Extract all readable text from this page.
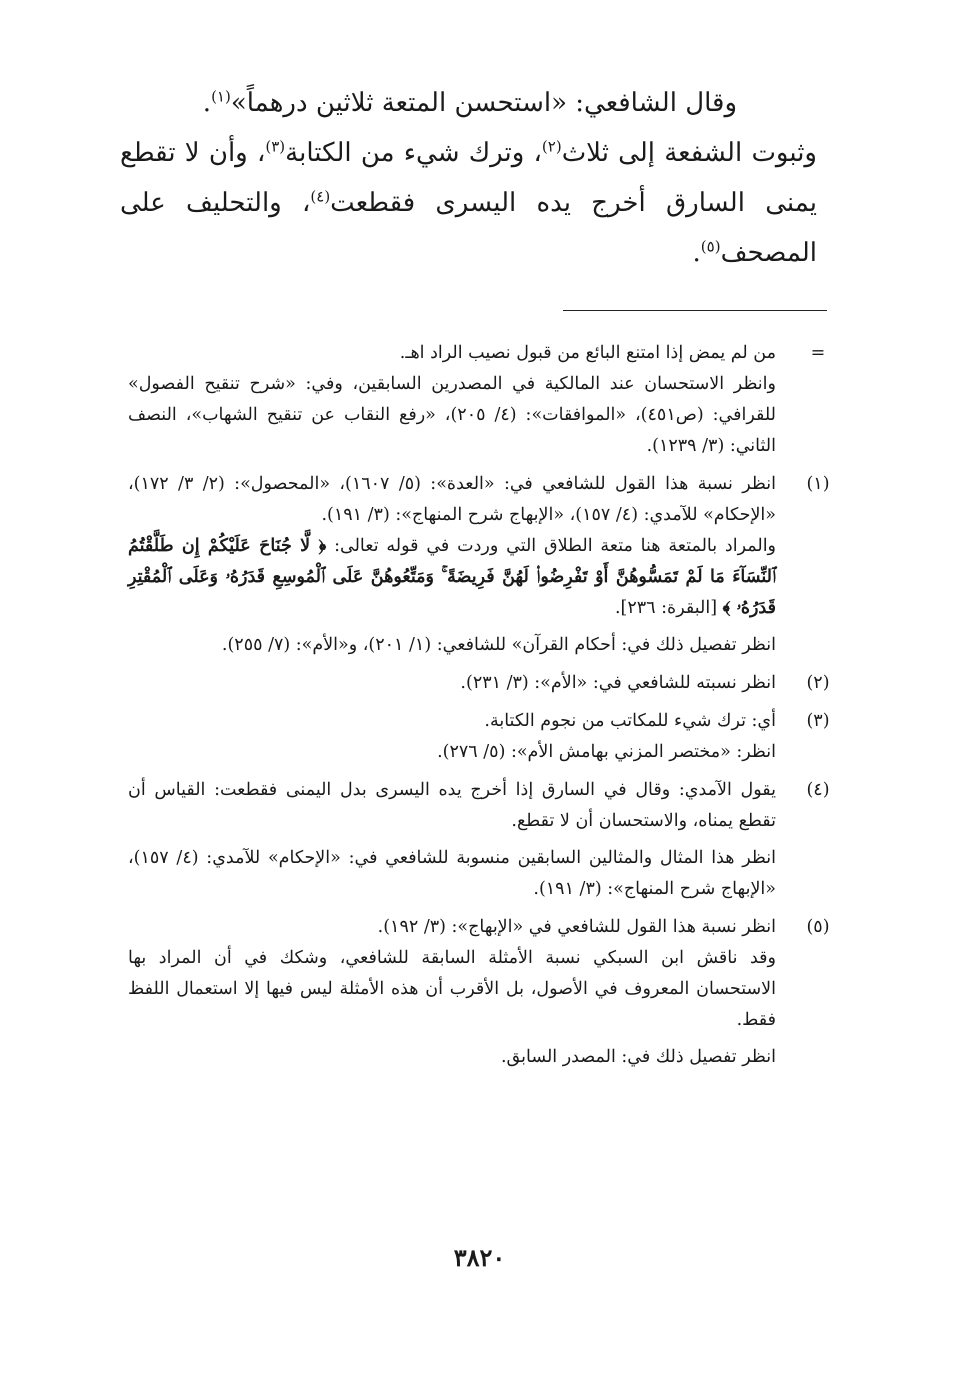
وقال الشافعي: «استحسن المتعة ثلاثين درهماً»$^{(١)}$.

وثبوت الشفعة إلى ثلاث$^{(٢)}$، وترك شيء من الكتابة$^{(٣)}$، وأن لا تقطع يمنى السارق أخرج يده اليسرى فقطعت$^{(٤)}$، والتحليف على المصحف$^{(٥)}$.

=

من لم يمض إذا امتنع البائع من قبول نصيب الراد اهـ.

وانظر الاستحسان عند المالكية في المصدرين السابقين، وفي: «شرح تنقيح الفصول» للقرافي: (ص٤٥١)، «الموافقات»: (٤/ ٢٠٥)، «رفع النقاب عن تنقيح الشهاب»، النصف الثاني: (٣/ ١٢٣٩).

(١)

انظر نسبة هذا القول للشافعي في: «العدة»: (٥/ ١٦٠٧)، «المحصول»: (٢/ ٣/ ١٧٢)، «الإحكام» للآمدي: (٤/ ١٥٧)، «الإبهاج شرح المنهاج»: (٣/ ١٩١).

والمراد بالمتعة هنا متعة الطلاق التي وردت في قوله تعالى: ﴿ لَّا جُنَاحَ عَلَيْكُمْ إِن طَلَّقْتُمُ ٱلنِّسَآءَ مَا لَمْ تَمَسُّوهُنَّ أَوْ تَفْرِضُوا۟ لَهُنَّ فَرِيضَةً ۚ وَمَتِّعُوهُنَّ عَلَى ٱلْمُوسِعِ قَدَرُهُۥ وَعَلَى ٱلْمُقْتِرِ قَدَرُهُۥ ﴾ [البقرة: ٢٣٦].

انظر تفصيل ذلك في: أحكام القرآن» للشافعي: (١/ ٢٠١)، و«الأم»: (٧/ ٢٥٥).

(٢)

انظر نسبته للشافعي في: «الأم»: (٣/ ٢٣١).

(٣)

أي: ترك شيء للمكاتب من نجوم الكتابة.

انظر: «مختصر المزني بهامش الأم»: (٥/ ٢٧٦).

(٤)

يقول الآمدي: وقال في السارق إذا أخرج يده اليسرى بدل اليمنى فقطعت: القياس أن تقطع يمناه، والاستحسان أن لا تقطع.

انظر هذا المثال والمثالين السابقين منسوبة للشافعي في: «الإحكام» للآمدي: (٤/ ١٥٧)، «الإبهاج شرح المنهاج»: (٣/ ١٩١).

(٥)

انظر نسبة هذا القول للشافعي في «الإبهاج»: (٣/ ١٩٢).

وقد ناقش ابن السبكي نسبة الأمثلة السابقة للشافعي، وشكك في أن المراد بها الاستحسان المعروف في الأصول، بل الأقرب أن هذه الأمثلة ليس فيها إلا استعمال اللفظ فقط.

انظر تفصيل ذلك في: المصدر السابق.

٣٨٢٠
